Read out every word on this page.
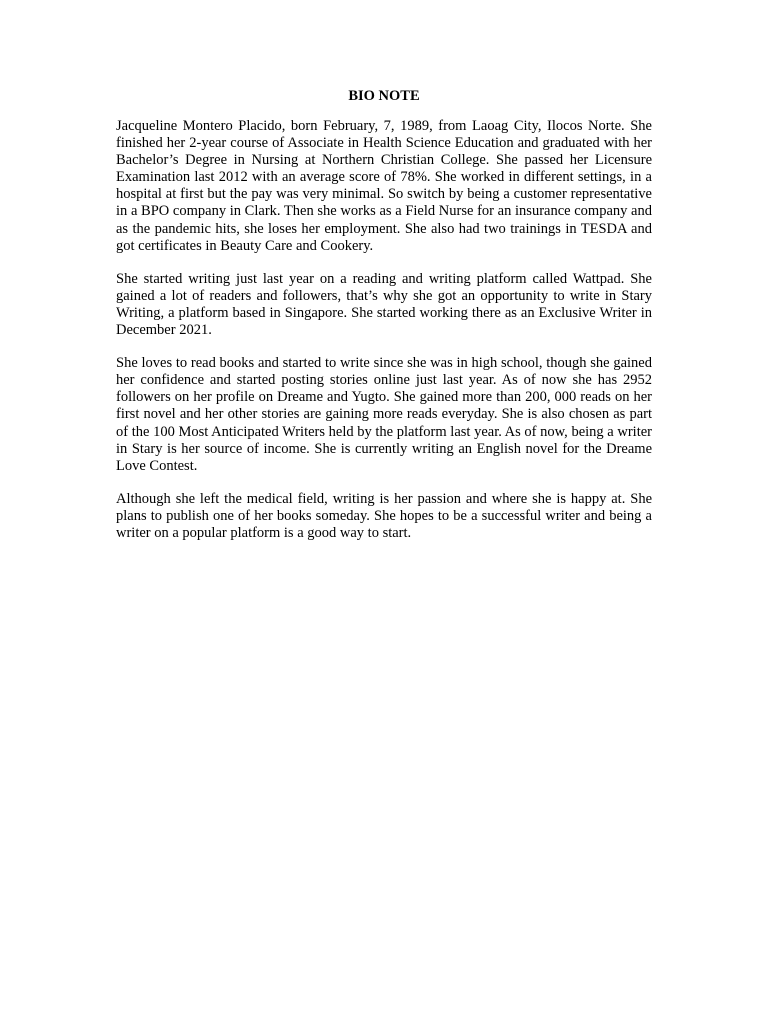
BIO NOTE

Jacqueline Montero Placido, born February, 7, 1989, from Laoag City, Ilocos Norte. She finished her 2-year course of Associate in Health Science Education and graduated with her Bachelor’s Degree in Nursing at Northern Christian College. She passed her Licensure Examination last 2012 with an average score of 78%. She worked in different settings, in a hospital at first but the pay was very minimal. So switch by being a customer representative in a BPO company in Clark. Then she works as a Field Nurse for an insurance company and as the pandemic hits, she loses her employment. She also had two trainings in TESDA and got certificates in Beauty Care and Cookery.

She started writing just last year on a reading and writing platform called Wattpad. She gained a lot of readers and followers, that’s why she got an opportunity to write in Stary Writing, a platform based in Singapore. She started working there as an Exclusive Writer in December 2021.

She loves to read books and started to write since she was in high school, though she gained her confidence and started posting stories online just last year. As of now she has 2952 followers on her profile on Dreame and Yugto. She gained more than 200, 000 reads on her first novel and her other stories are gaining more reads everyday. She is also chosen as part of the 100 Most Anticipated Writers held by the platform last year. As of now, being a writer in Stary is her source of income. She is currently writing an English novel for the Dreame Love Contest.

Although she left the medical field, writing is her passion and where she is happy at. She plans to publish one of her books someday. She hopes to be a successful writer and being a writer on a popular platform is a good way to start.
